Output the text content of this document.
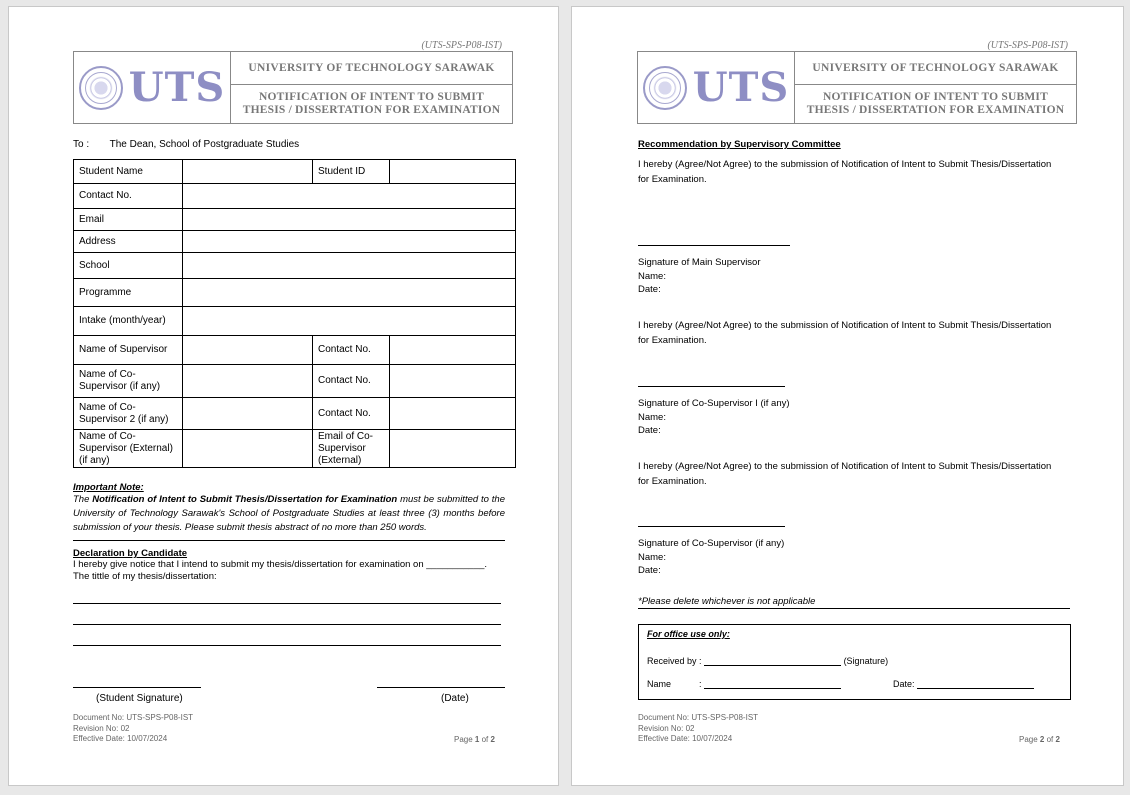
(UTS-SPS-P08-IST)
UTS	UNIVERSITY OF TECHNOLOGY SARAWAK
NOTIFICATION OF INTENT TO SUBMIT THESIS / DISSERTATION FOR EXAMINATION
To : The Dean, School of Postgraduate Studies
Student Name		Student ID	
Contact No.			
Email			
Address			
School			
Programme			
Intake (month/year)			
Name of Supervisor		Contact No.	
Name of Co-Supervisor (if any)		Contact No.	
Name of Co-Supervisor 2 (if any)		Contact No.	
Name of Co-Supervisor (External) (if any)		Email of Co-Supervisor (External)	
Important Note:
The Notification of Intent to Submit Thesis/Dissertation for Examination must be submitted to the University of Technology Sarawak's School of Postgraduate Studies at least three (3) months before submission of your thesis. Please submit thesis abstract of no more than 250 words.
Declaration by Candidate
I hereby give notice that I intend to submit my thesis/dissertation for examination on ___________.
The tittle of my thesis/dissertation:
(Student Signature)	(Date)
Document No: UTS-SPS-P08-IST
Revision No: 02
Effective Date: 10/07/2024	Page 1 of 2
(UTS-SPS-P08-IST)
UTS	UNIVERSITY OF TECHNOLOGY SARAWAK
NOTIFICATION OF INTENT TO SUBMIT THESIS / DISSERTATION FOR EXAMINATION
Recommendation by Supervisory Committee
I hereby (Agree/Not Agree) to the submission of Notification of Intent to Submit Thesis/Dissertation for Examination.
Signature of Main Supervisor
Name:
Date:
I hereby (Agree/Not Agree) to the submission of Notification of Intent to Submit Thesis/Dissertation for Examination.
Signature of Co-Supervisor I (if any)
Name:
Date:
I hereby (Agree/Not Agree) to the submission of Notification of Intent to Submit Thesis/Dissertation for Examination.
Signature of Co-Supervisor (if any)
Name:
Date:
*Please delete whichever is not applicable
For office use only:
Received by :	(Signature)
Name	:	Date:
Document No: UTS-SPS-P08-IST
Revision No: 02
Effective Date: 10/07/2024	Page 2 of 2
